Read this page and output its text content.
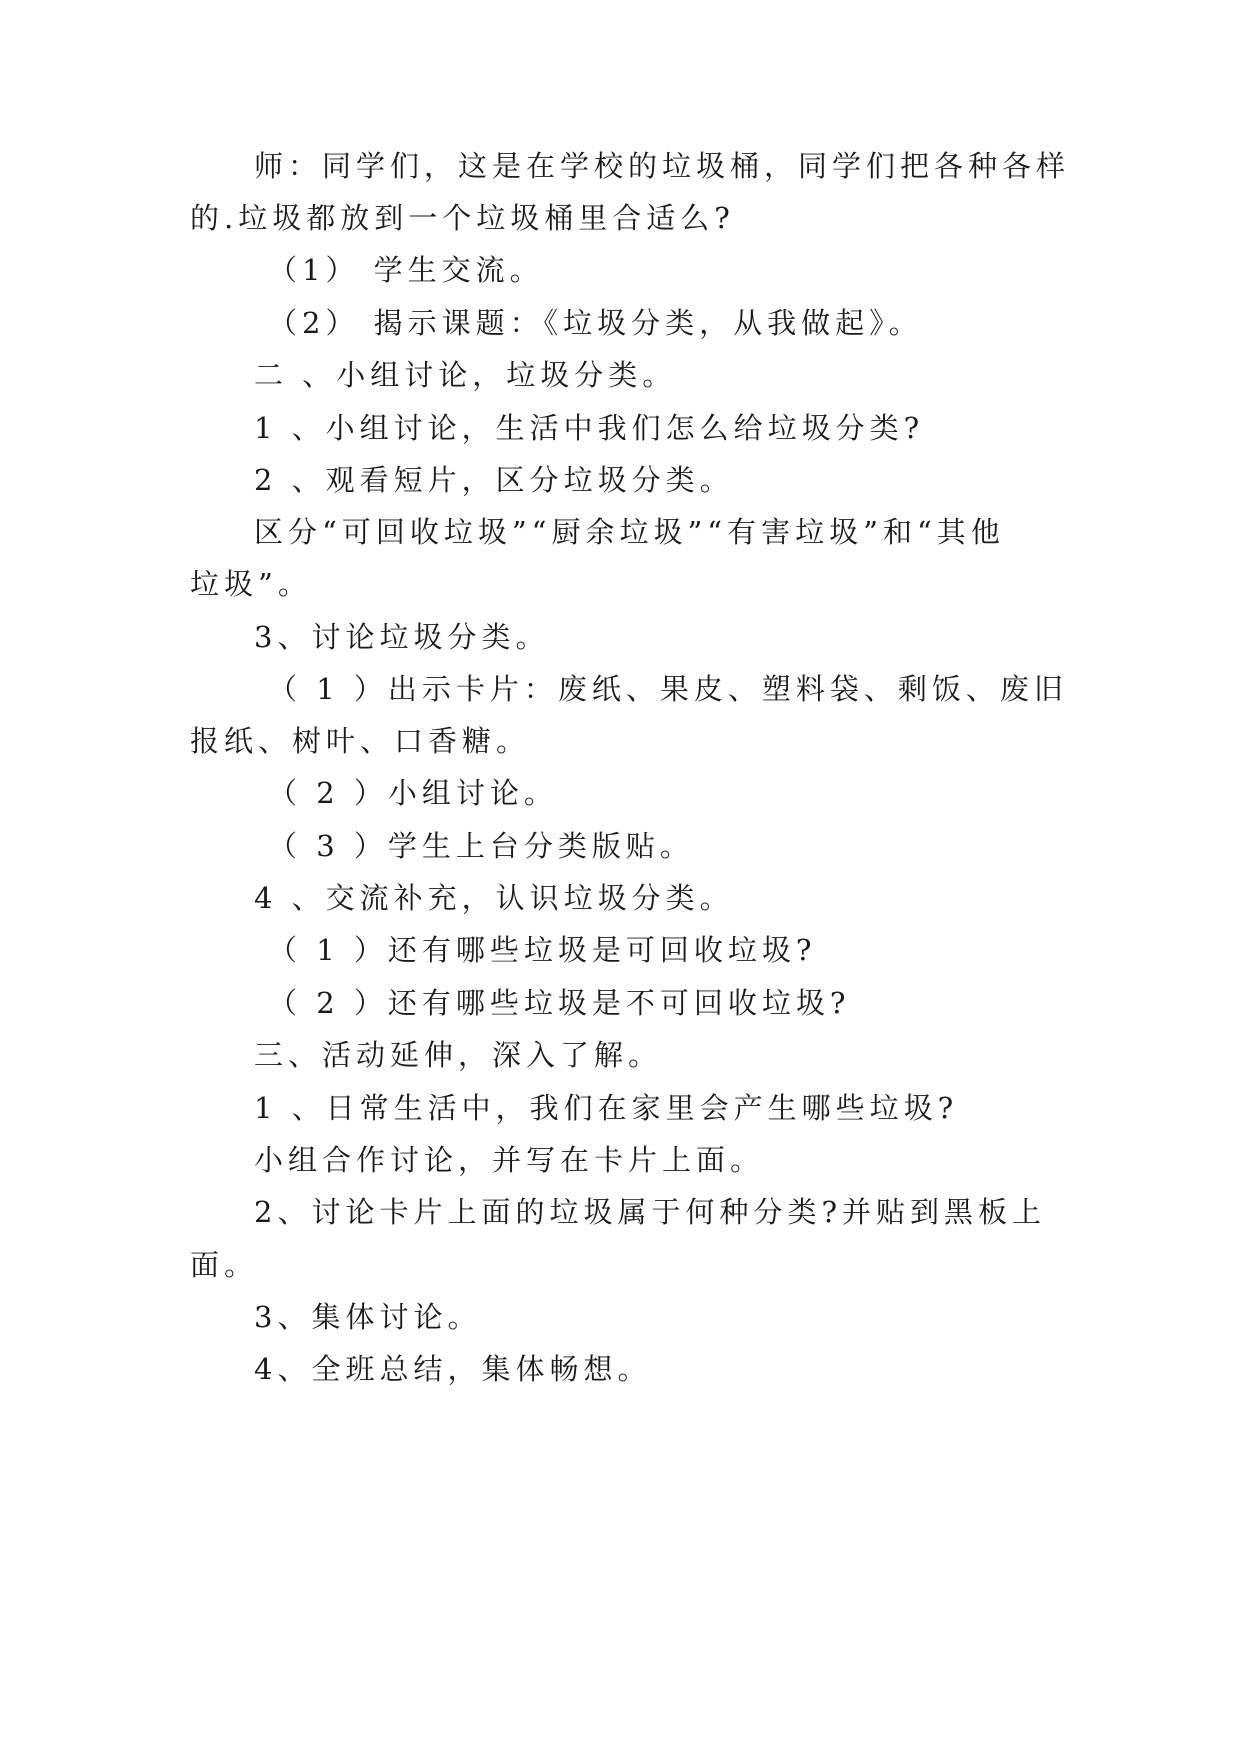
师：同学们，这是在学校的垃圾桶，同学们把各种各样
的.垃圾都放到一个垃圾桶里合适么?
（1） 学生交流。
（2） 揭示课题：《垃圾分类，从我做起》。
二 、小组讨论，垃圾分类。
1 、小组讨论，生活中我们怎么给垃圾分类?
2 、观看短片，区分垃圾分类。
区分“可回收垃圾”“厨余垃圾”“有害垃圾”和“其他
垃圾”。
3、讨论垃圾分类。
（ 1 ）出示卡片：废纸、果皮、塑料袋、剩饭、废旧
报纸、树叶、口香糖。
（ 2 ）小组讨论。
（ 3 ）学生上台分类版贴。
4 、交流补充，认识垃圾分类。
（ 1 ）还有哪些垃圾是可回收垃圾?
（ 2 ）还有哪些垃圾是不可回收垃圾?
三、活动延伸，深入了解。
1 、日常生活中，我们在家里会产生哪些垃圾?
小组合作讨论，并写在卡片上面。
2、讨论卡片上面的垃圾属于何种分类?并贴到黑板上
面。
3、集体讨论。
4、全班总结，集体畅想。
